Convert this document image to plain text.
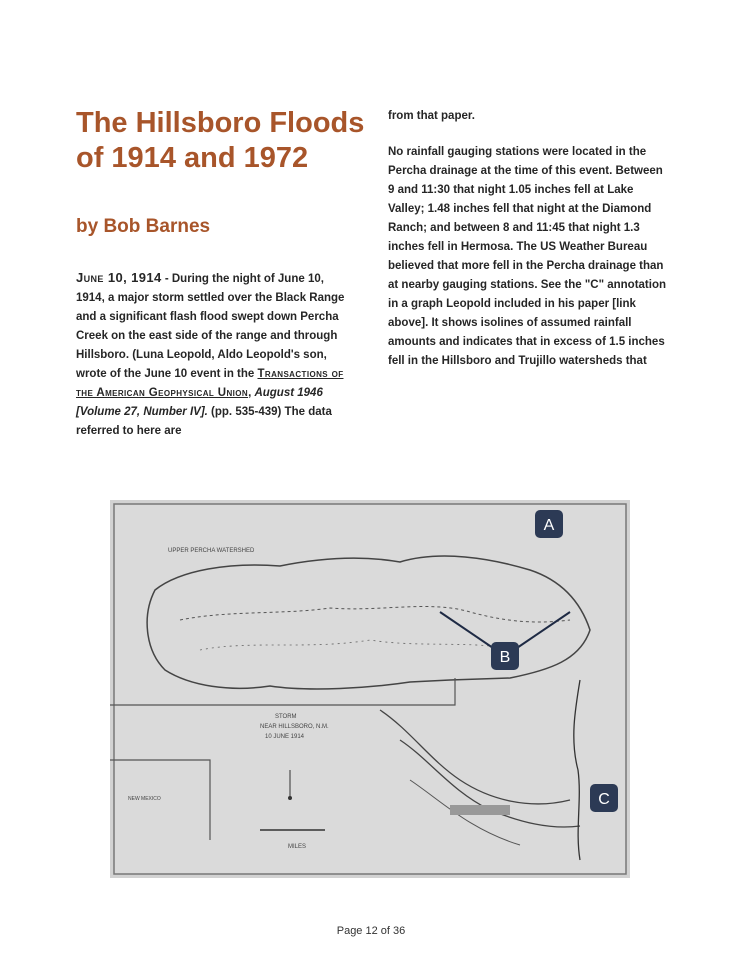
The Hillsboro Floods of 1914 and 1972
by Bob Barnes

June 10, 1914 - During the night of June 10, 1914, a major storm settled over the Black Range and a significant flash flood swept down Percha Creek on the east side of the range and through Hillsboro. (Luna Leopold, Aldo Leopold's son, wrote of the June 10 event in the Transactions of the American Geophysical Union, August 1946 [Volume 27, Number IV]. (pp. 535-439) The data referred to here are

from that paper.

No rainfall gauging stations were located in the Percha drainage at the time of this event. Between 9 and 11:30 that night 1.05 inches fell at Lake Valley; 1.48 inches fell that night at the Diamond Ranch; and between 8 and 11:45 that night 1.3 inches fell in Hermosa. The US Weather Bureau believed that more fell in the Percha drainage than at nearby gauging stations. See the "C" annotation in a graph Leopold included in his paper [link above]. It shows isolines of assumed rainfall amounts and indicates that in excess of 1.5 inches fell in the Hillsboro and Trujillo watersheds that

UPPER PERCHA WATERSHED
STORM
NEAR HILLSBORO, N.M.
10 JUNE 1914
MILES
NEW MEXICO
A
B
C
Page 12 of 36
